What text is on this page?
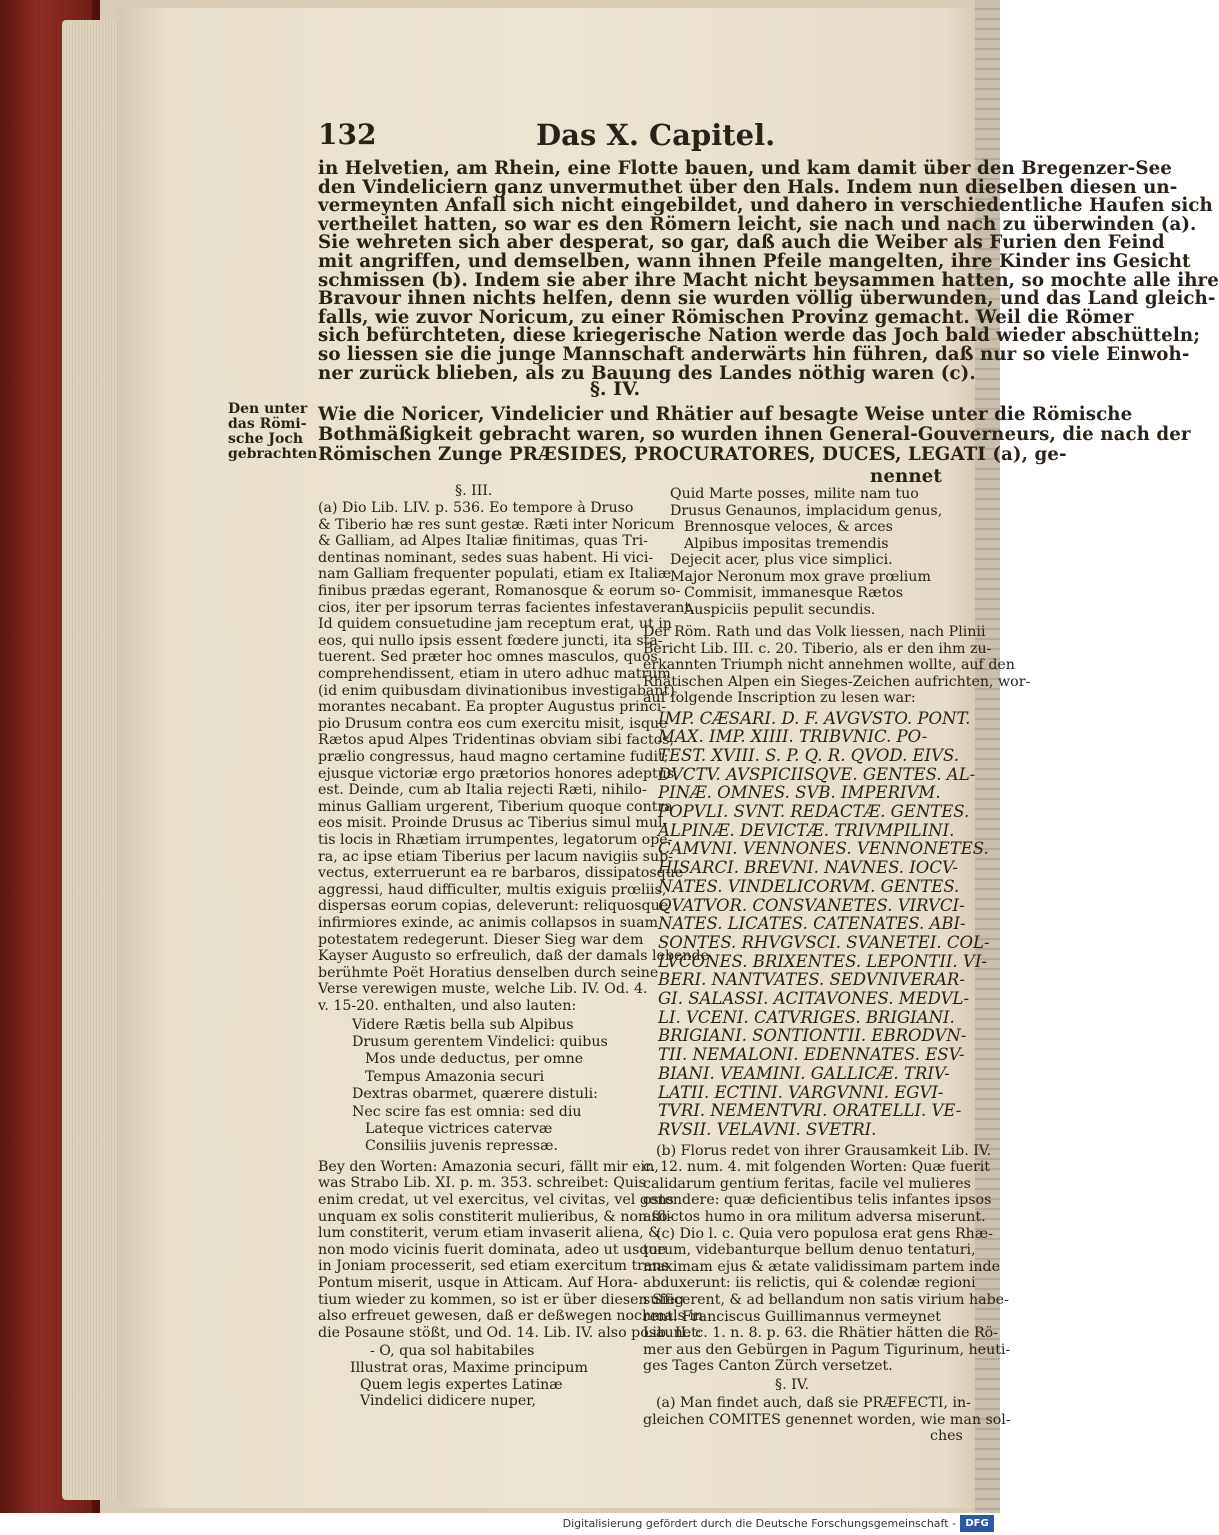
132	Das X. Capitel.
in Helvetien, am Rhein, eine Flotte bauen, und kam damit über den Bregenzer-See
den Vindeliciern ganz unvermuthet über den Hals. Indem nun dieselben diesen un-
vermeynten Anfall sich nicht eingebildet, und dahero in verschiedentliche Haufen sich
vertheilet hatten, so war es den Römern leicht, sie nach und nach zu überwinden (a).
Sie wehreten sich aber desperat, so gar, daß auch die Weiber als Furien den Feind
mit angriffen, und demselben, wann ihnen Pfeile mangelten, ihre Kinder ins Gesicht
schmissen (b). Indem sie aber ihre Macht nicht beysammen hatten, so mochte alle ihre
Bravour ihnen nichts helfen, denn sie wurden völlig überwunden, und das Land gleich-
falls, wie zuvor Noricum, zu einer Römischen Provinz gemacht. Weil die Römer
sich befürchteten, diese kriegerische Nation werde das Joch bald wieder abschütteln;
so liessen sie die junge Mannschaft anderwärts hin führen, daß nur so viele Einwoh-
ner zurück blieben, als zu Bauung des Landes nöthig waren (c).
§. IV.
Den unter
das Römi-
sche Joch
gebrachten
Wie die Noricer, Vindelicier und Rhätier auf besagte Weise unter die Römische
Bothmäßigkeit gebracht waren, so wurden ihnen General-Gouverneurs, die nach der
Römischen Zunge PRÆSIDES, PROCURATORES, DUCES, LEGATI (a), ge-
nennet
§. III.
(a) Dio Lib. LIV. p. 536. Eo tempore à Druso
& Tiberio hæ res sunt gestæ. Ræti inter Noricum
& Galliam, ad Alpes Italiæ finitimas, quas Tri-
dentinas nominant, sedes suas habent. Hi vici-
nam Galliam frequenter populati, etiam ex Italiæ
finibus prædas egerant, Romanosque & eorum so-
cios, iter per ipsorum terras facientes infestaverant.
Id quidem consuetudine jam receptum erat, ut in
eos, qui nullo ipsis essent fœdere juncti, ita sta-
tuerent. Sed præter hoc omnes masculos, quos
comprehendissent, etiam in utero adhuc matrum
(id enim quibusdam divinationibus investigabant)
morantes necabant. Ea propter Augustus princi-
pio Drusum contra eos cum exercitu misit, isque
Rætos apud Alpes Tridentinas obviam sibi factos,
prælio congressus, haud magno certamine fudit;
ejusque victoriæ ergo prætorios honores adeptus
est. Deinde, cum ab Italia rejecti Ræti, nihilo-
minus Galliam urgerent, Tiberium quoque contra
eos misit. Proinde Drusus ac Tiberius simul mul-
tis locis in Rhætiam irrumpentes, legatorum ope-
ra, ac ipse etiam Tiberius per lacum navigiis sub-
vectus, exterruerunt ea re barbaros, dissipatosque
aggressi, haud difficulter, multis exiguis prœliis,
dispersas eorum copias, deleverunt: reliquosque
infirmiores exinde, ac animis collapsos in suam
potestatem redegerunt. Dieser Sieg war dem
Kayser Augusto so erfreulich, daß der damals lebende
berühmte Poët Horatius denselben durch seine
Verse verewigen muste, welche Lib. IV. Od. 4.
v. 15-20. enthalten, und also lauten:
Videre Rætis bella sub Alpibus
Drusum gerentem Vindelici: quibus
Mos unde deductus, per omne
Tempus Amazonia securi
Dextras obarmet, quærere distuli:
Nec scire fas est omnia: sed diu
Lateque victrices catervæ
Consiliis juvenis repressæ.
Bey den Worten: Amazonia securi, fällt mir ein,
was Strabo Lib. XI. p. m. 353. schreibet: Quis
enim credat, ut vel exercitus, vel civitas, vel gens
unquam ex solis constiterit mulieribus, & non so-
lum constiterit, verum etiam invaserit aliena, &
non modo vicinis fuerit dominata, adeo ut usque
in Joniam processerit, sed etiam exercitum trans
Pontum miserit, usque in Atticam. Auf Hora-
tium wieder zu kommen, so ist er über diesen Sieg
also erfreuet gewesen, daß er deßwegen nochmals in
die Posaune stößt, und Od. 14. Lib. IV. also posaunet:
- O, qua sol habitabiles
Illustrat oras, Maxime principum
Quem legis expertes Latinæ
Vindelici didicere nuper,
Quid Marte posses, milite nam tuo
Drusus Genaunos, implacidum genus,
Brennosque veloces, & arces
Alpibus impositas tremendis
Dejecit acer, plus vice simplici.
Major Neronum mox grave prœlium
Commisit, immanesque Rætos
Auspiciis pepulit secundis.
Der Röm. Rath und das Volk liessen, nach Plinii
Bericht Lib. III. c. 20. Tiberio, als er den ihm zu-
erkannten Triumph nicht annehmen wollte, auf den
Rhätischen Alpen ein Sieges-Zeichen aufrichten, wor-
auf folgende Inscription zu lesen war:
IMP. CÆSARI. D. F. AVGVSTO. PONT.
MAX. IMP. XIIII. TRIBVNIC. PO-
TEST. XVIII. S. P. Q. R. QVOD. EIVS.
DVCTV. AVSPICIISQVE. GENTES. AL-
PINÆ. OMNES. SVB. IMPERIVM.
POPVLI. SVNT. REDACTÆ. GENTES.
ALPINÆ. DEVICTÆ. TRIVMPILINI.
CAMVNI. VENNONES. VENNONETES.
HISARCI. BREVNI. NAVNES. IOCV-
NATES. VINDELICORVM. GENTES.
QVATVOR. CONSVANETES. VIRVCI-
NATES. LICATES. CATENATES. ABI-
SONTES. RHVGVSCI. SVANETEI. COL-
LVCONES. BRIXENTES. LEPONTII. VI-
BERI. NANTVATES. SEDVNIVERAR-
GI. SALASSI. ACITAVONES. MEDVL-
LI. VCENI. CATVRIGES. BRIGIANI.
BRIGIANI. SONTIONTII. EBRODVN-
TII. NEMALONI. EDENNATES. ESV-
BIANI. VEAMINI. GALLICÆ. TRIV-
LATII. ECTINI. VARGVNNI. EGVI-
TVRI. NEMENTVRI. ORATELLI. VE-
RVSII. VELAVNI. SVETRI.
(b) Florus redet von ihrer Grausamkeit Lib. IV.
c. 12. num. 4. mit folgenden Worten: Quæ fuerit
calidarum gentium feritas, facile vel mulieres
ostendere: quæ deficientibus telis infantes ipsos
afflictos humo in ora militum adversa miserunt.
(c) Dio l. c. Quia vero populosa erat gens Rhæ-
torum, videbanturque bellum denuo tentaturi,
maximam ejus & ætate validissimam partem inde
abduxerunt: iis relictis, qui & colendæ regioni
sufficerent, & ad bellandum non satis virium habe-
rent. Franciscus Guillimannus vermeynet
Lib. II. c. 1. n. 8. p. 63. die Rhätier hätten die Rö-
mer aus den Gebürgen in Pagum Tigurinum, heuti-
ges Tages Canton Zürch versetzet.
§. IV.
(a) Man findet auch, daß sie PRÆFECTI, in-
gleichen COMITES genennet worden, wie man sol-
ches
Digitalisierung gefördert durch die Deutsche Forschungsgemeinschaft - DFG
